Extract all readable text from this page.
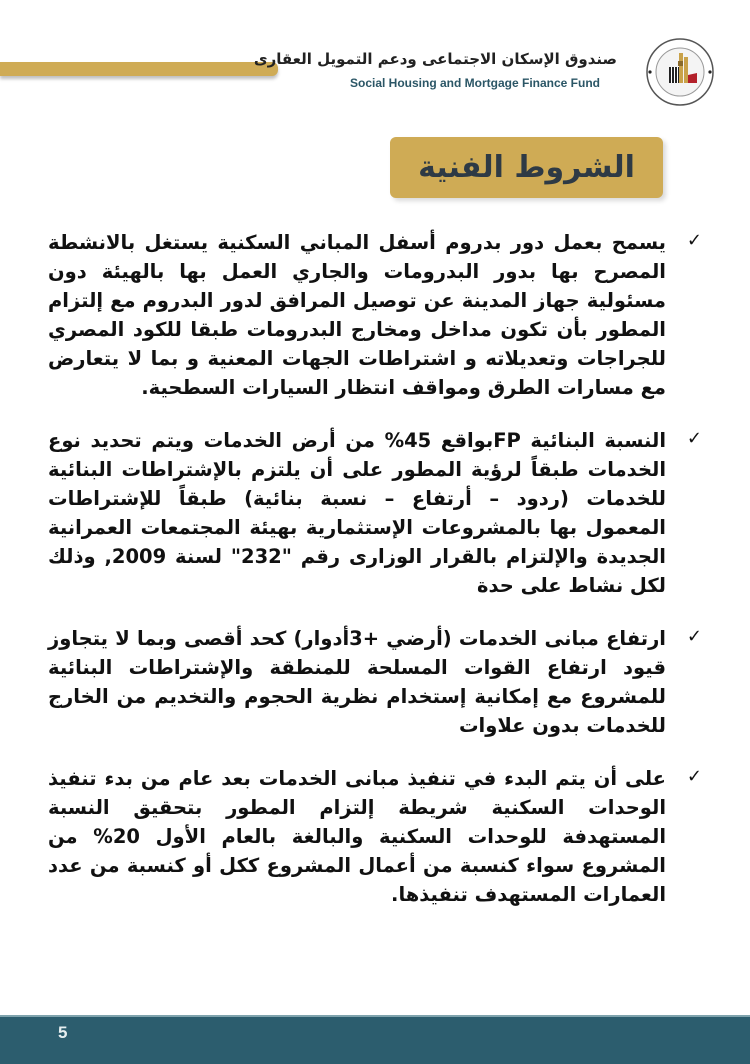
صندوق الإسكان الاجتماعى ودعم التمويل العقارى
Social Housing and Mortgage Finance Fund
الشروط الفنية
✓
يسمح بعمل دور بدروم أسفل المباني السكنية يستغل بالانشطة المصرح بها بدور البدرومات والجاري العمل بها بالهيئة دون مسئولية جهاز المدينة عن توصيل المرافق لدور البدروم مع إلتزام المطور بأن تكون مداخل ومخارج البدرومات طبقا للكود المصري للجراجات وتعديلاته و اشتراطات الجهات المعنية و بما لا يتعارض مع مسارات الطرق ومواقف انتظار السيارات السطحية.
✓
النسبة البنائية FPبواقع 45% من أرض الخدمات ويتم تحديد نوع الخدمات طبقاً لرؤية المطور على أن يلتزم بالإشتراطات البنائية للخدمات (ردود – أرتفاع – نسبة بنائية) طبقاً للإشتراطات المعمول بها بالمشروعات الإستثمارية بهيئة المجتمعات العمرانية الجديدة والإلتزام بالقرار الوزارى رقم "232" لسنة 2009, وذلك لكل نشاط على حدة
✓
ارتفاع مبانى الخدمات (أرضي +3أدوار) كحد أقصى وبما لا يتجاوز قيود ارتفاع القوات المسلحة للمنطقة والإشتراطات البنائية للمشروع مع إمكانية إستخدام نظرية الحجوم والتخديم من الخارج للخدمات بدون علاوات
✓
على أن يتم البدء في تنفيذ مبانى الخدمات بعد عام من بدء تنفيذ الوحدات السكنية شريطة إلتزام المطور بتحقيق النسبة المستهدفة للوحدات السكنية والبالغة بالعام الأول 20% من المشروع سواء كنسبة من أعمال المشروع ككل أو كنسبة من عدد العمارات المستهدف تنفيذها.
5
